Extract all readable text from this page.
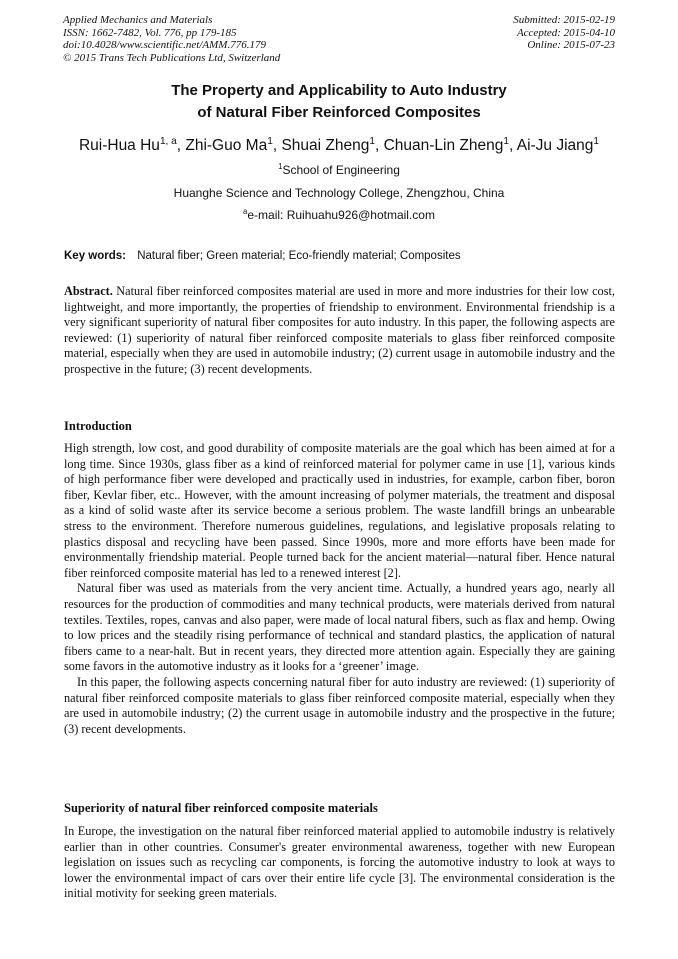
Applied Mechanics and Materials
ISSN: 1662-7482, Vol. 776, pp 179-185
doi:10.4028/www.scientific.net/AMM.776.179
© 2015 Trans Tech Publications Ltd, Switzerland
Submitted: 2015-02-19
Accepted: 2015-04-10
Online: 2015-07-23
The Property and Applicability to Auto Industry
of Natural Fiber Reinforced Composites
Rui-Hua Hu$^{1, a}$, Zhi-Guo Ma$^1$, Shuai Zheng$^1$, Chuan-Lin Zheng$^1$, Ai-Ju Jiang$^1$
$^1$School of Engineering
Huanghe Science and Technology College, Zhengzhou, China
$^a$e-mail: Ruihuahu926@hotmail.com
Key words: Natural fiber; Green material; Eco-friendly material; Composites

Abstract. Natural fiber reinforced composites material are used in more and more industries for their low cost, lightweight, and more importantly, the properties of friendship to environment. Environmental friendship is a very significant superiority of natural fiber composites for auto industry. In this paper, the following aspects are reviewed: (1) superiority of natural fiber reinforced composite materials to glass fiber reinforced composite material, especially when they are used in automobile industry; (2) current usage in automobile industry and the prospective in the future; (3) recent developments.

Introduction

High strength, low cost, and good durability of composite materials are the goal which has been aimed at for a long time. Since 1930s, glass fiber as a kind of reinforced material for polymer came in use [1], various kinds of high performance fiber were developed and practically used in industries, for example, carbon fiber, boron fiber, Kevlar fiber, etc.. However, with the amount increasing of polymer materials, the treatment and disposal as a kind of solid waste after its service become a serious problem. The waste landfill brings an unbearable stress to the environment. Therefore numerous guidelines, regulations, and legislative proposals relating to plastics disposal and recycling have been passed. Since 1990s, more and more efforts have been made for environmentally friendship material. People turned back for the ancient material—natural fiber. Hence natural fiber reinforced composite material has led to a renewed interest [2].

Natural fiber was used as materials from the very ancient time. Actually, a hundred years ago, nearly all resources for the production of commodities and many technical products, were materials derived from natural textiles. Textiles, ropes, canvas and also paper, were made of local natural fibers, such as flax and hemp. Owing to low prices and the steadily rising performance of technical and standard plastics, the application of natural fibers came to a near-halt. But in recent years, they directed more attention again. Especially they are gaining some favors in the automotive industry as it looks for a ‘greener’ image.

In this paper, the following aspects concerning natural fiber for auto industry are reviewed: (1) superiority of natural fiber reinforced composite materials to glass fiber reinforced composite material, especially when they are used in automobile industry; (2) the current usage in automobile industry and the prospective in the future; (3) recent developments.

Superiority of natural fiber reinforced composite materials

In Europe, the investigation on the natural fiber reinforced material applied to automobile industry is relatively earlier than in other countries. Consumer's greater environmental awareness, together with new European legislation on issues such as recycling car components, is forcing the automotive industry to look at ways to lower the environmental impact of cars over their entire life cycle [3]. The environmental consideration is the initial motivity for seeking green materials.
